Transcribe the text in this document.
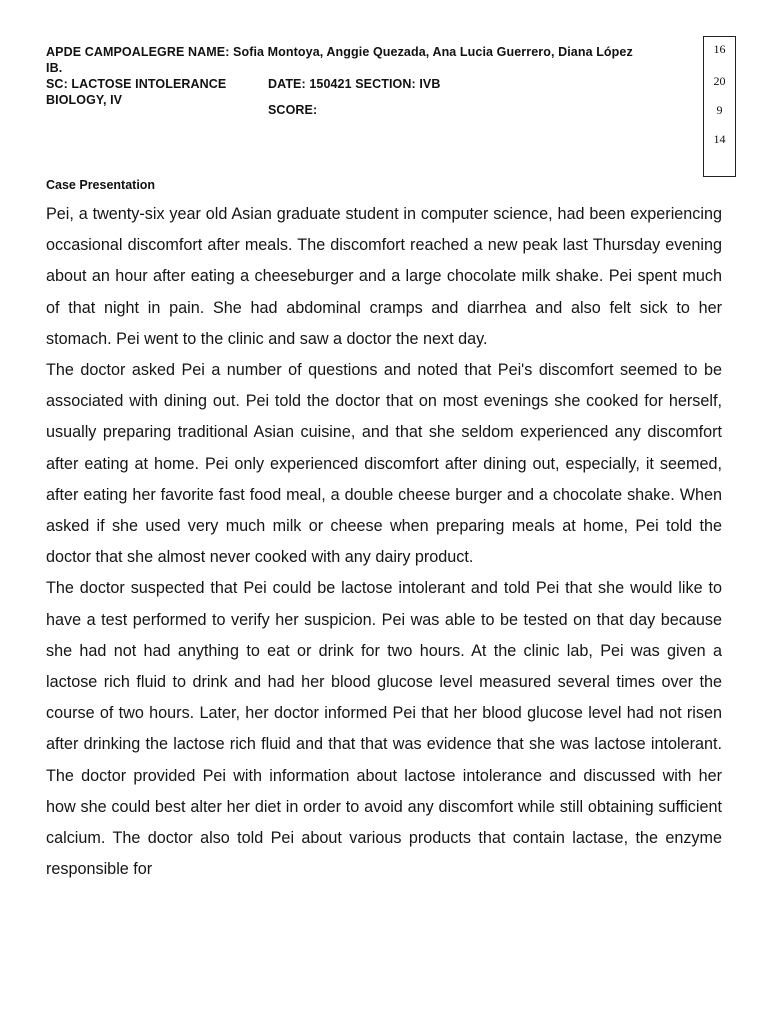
APDE CAMPOALEGRE NAME: Sofia Montoya, Anggie Quezada, Ana Lucia Guerrero, Diana López
IB.
SC: LACTOSE INTOLERANCE	DATE: 150421 SECTION: IVB
BIOLOGY, IV
SCORE:
16
20
9
14
Case Presentation

Pei, a twenty-six year old Asian graduate student in computer science, had been experiencing occasional discomfort after meals. The discomfort reached a new peak last Thursday evening about an hour after eating a cheeseburger and a large chocolate milk shake. Pei spent much of that night in pain. She had abdominal cramps and diarrhea and also felt sick to her stomach. Pei went to the clinic and saw a doctor the next day.

The doctor asked Pei a number of questions and noted that Pei's discomfort seemed to be associated with dining out. Pei told the doctor that on most evenings she cooked for herself, usually preparing traditional Asian cuisine, and that she seldom experienced any discomfort after eating at home. Pei only experienced discomfort after dining out, especially, it seemed, after eating her favorite fast food meal, a double cheese burger and a chocolate shake. When asked if she used very much milk or cheese when preparing meals at home, Pei told the doctor that she almost never cooked with any dairy product.

The doctor suspected that Pei could be lactose intolerant and told Pei that she would like to have a test performed to verify her suspicion. Pei was able to be tested on that day because she had not had anything to eat or drink for two hours. At the clinic lab, Pei was given a lactose rich fluid to drink and had her blood glucose level measured several times over the course of two hours. Later, her doctor informed Pei that her blood glucose level had not risen after drinking the lactose rich fluid and that that was evidence that she was lactose intolerant. The doctor provided Pei with information about lactose intolerance and discussed with her how she could best alter her diet in order to avoid any discomfort while still obtaining sufficient calcium. The doctor also told Pei about various products that contain lactase, the enzyme responsible for
